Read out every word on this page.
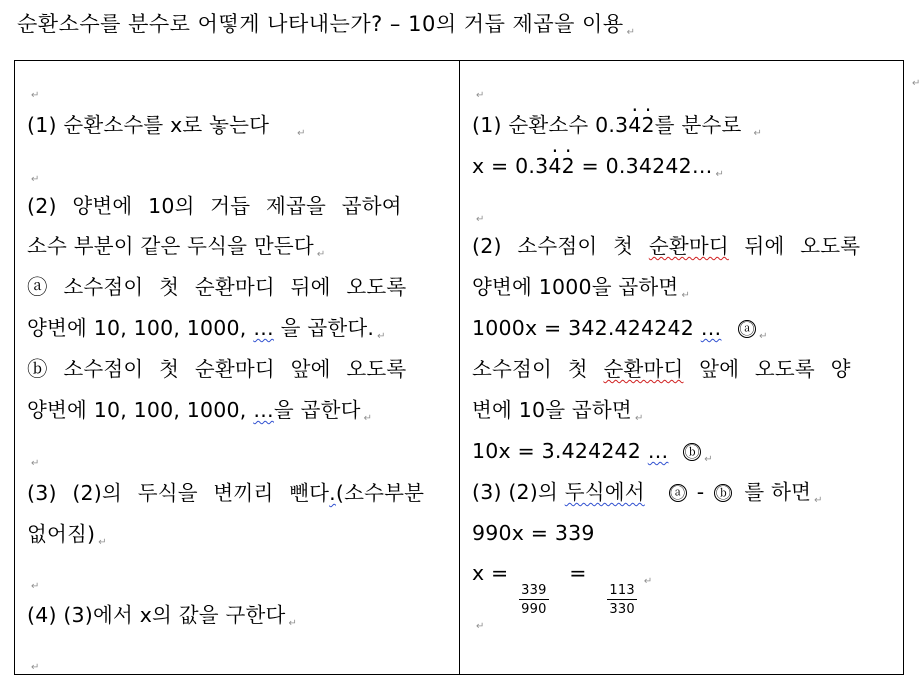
순환소수를 분수로 어떻게 나타내는가? – 10의 거듭 제곱을 이용 ↵
↵
(1) 순환소수를 x로 놓는다	↵
↵
(2) 양변에 10의 거듭 제곱을 곱하여
소수 부분이 같은 두식을 만든다 ↵
ⓐ 소수점이 첫 순환마디 뒤에 오도록
양변에 10, 100, 1000, … 을 곱한다. ↵
ⓑ 소수점이 첫 순환마디 앞에 오도록
양변에 10, 100, 1000, …을 곱한다 ↵
↵
(3) (2)의 두식을 변끼리 뺀다.(소수부분
없어짐) ↵
↵
(4) (3)에서 x의 값을 구한다 ↵
↵
↵
(1) 순환소수 0.3· 4· 2를 분수로 ↵
x = 0.3· 4· 2 = 0.34242… ↵
↵
(2) 소수점이 첫 순환마디 뒤에 오도록
양변에 1000을 곱하면 ↵
1000x = 342.424242 … ⓐ ↵
소수점이 첫 순환마디 앞에 오도록 양
변에 10을 곱하면 ↵
10x = 3.424242 … ⓑ ↵
(3) (2)의 두식에서 ⓐ - ⓑ 를 하면 ↵
990x = 339
x =
$\frac{339}{990}$
=
$\frac{113}{330}$
↵
↵
↵
